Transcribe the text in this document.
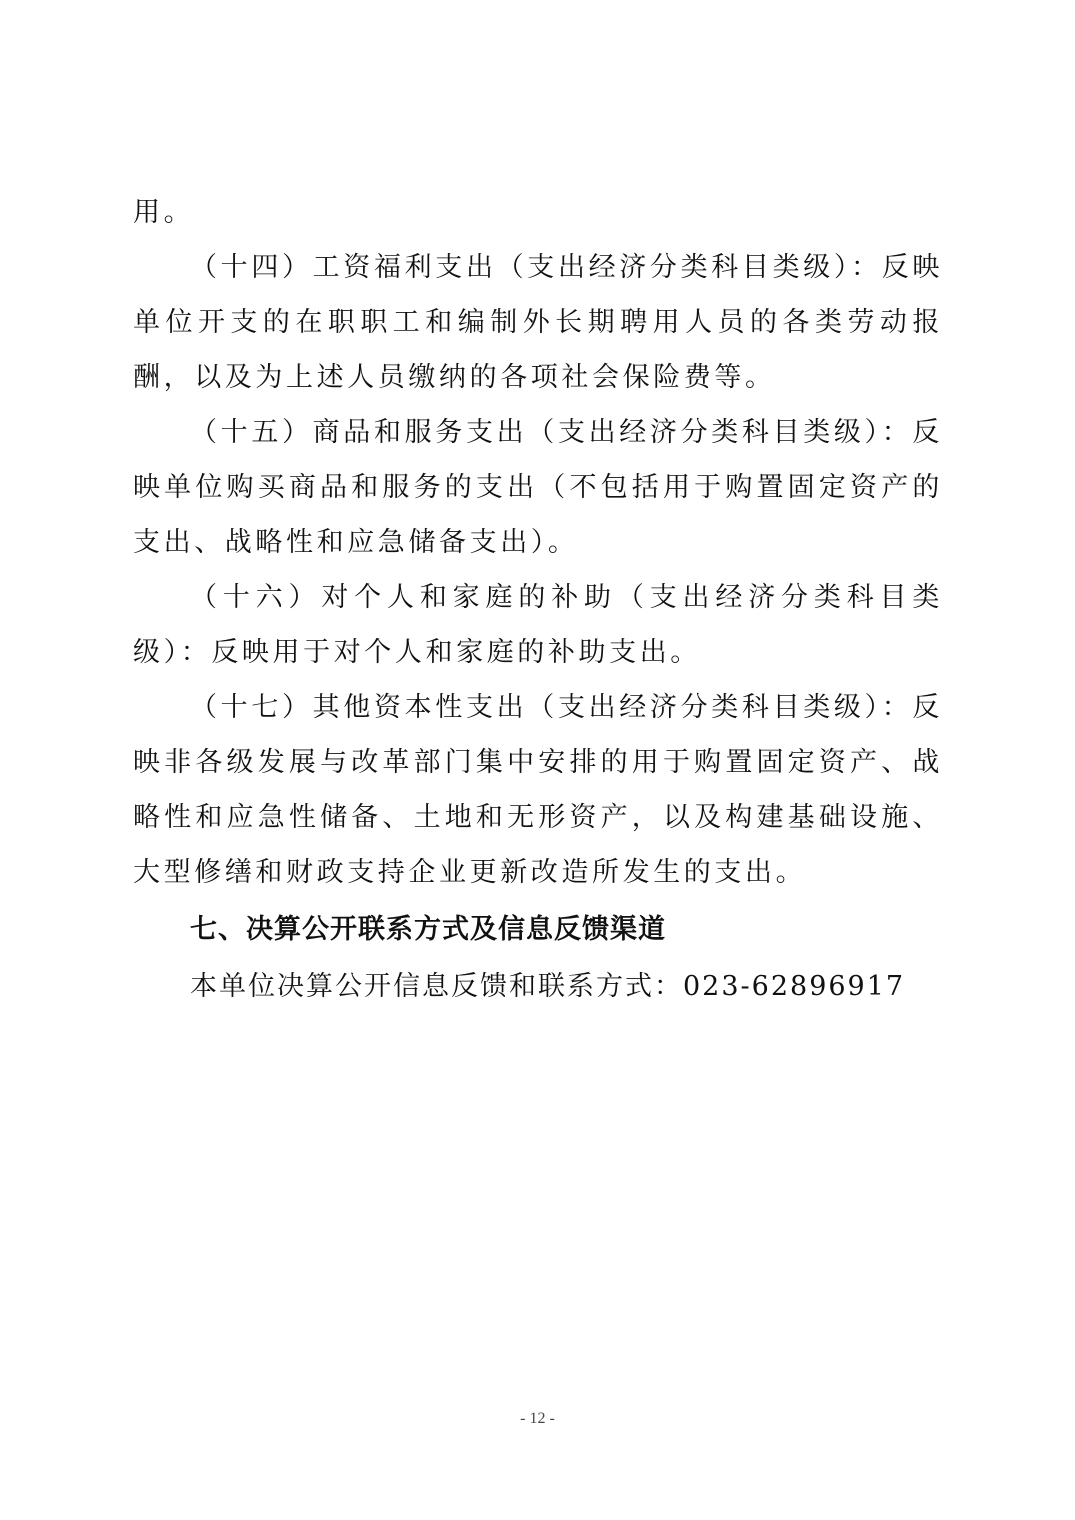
用。

（十四）工资福利支出（支出经济分类科目类级）：反映单位开支的在职职工和编制外长期聘用人员的各类劳动报酬，以及为上述人员缴纳的各项社会保险费等。

（十五）商品和服务支出（支出经济分类科目类级）：反映单位购买商品和服务的支出（不包括用于购置固定资产的支出、战略性和应急储备支出）。

（十六）对个人和家庭的补助（支出经济分类科目类级）：反映用于对个人和家庭的补助支出。

（十七）其他资本性支出（支出经济分类科目类级）：反映非各级发展与改革部门集中安排的用于购置固定资产、战略性和应急性储备、土地和无形资产，以及构建基础设施、大型修缮和财政支持企业更新改造所发生的支出。

七、决算公开联系方式及信息反馈渠道

本单位决算公开信息反馈和联系方式：023-62896917

- 12 -
